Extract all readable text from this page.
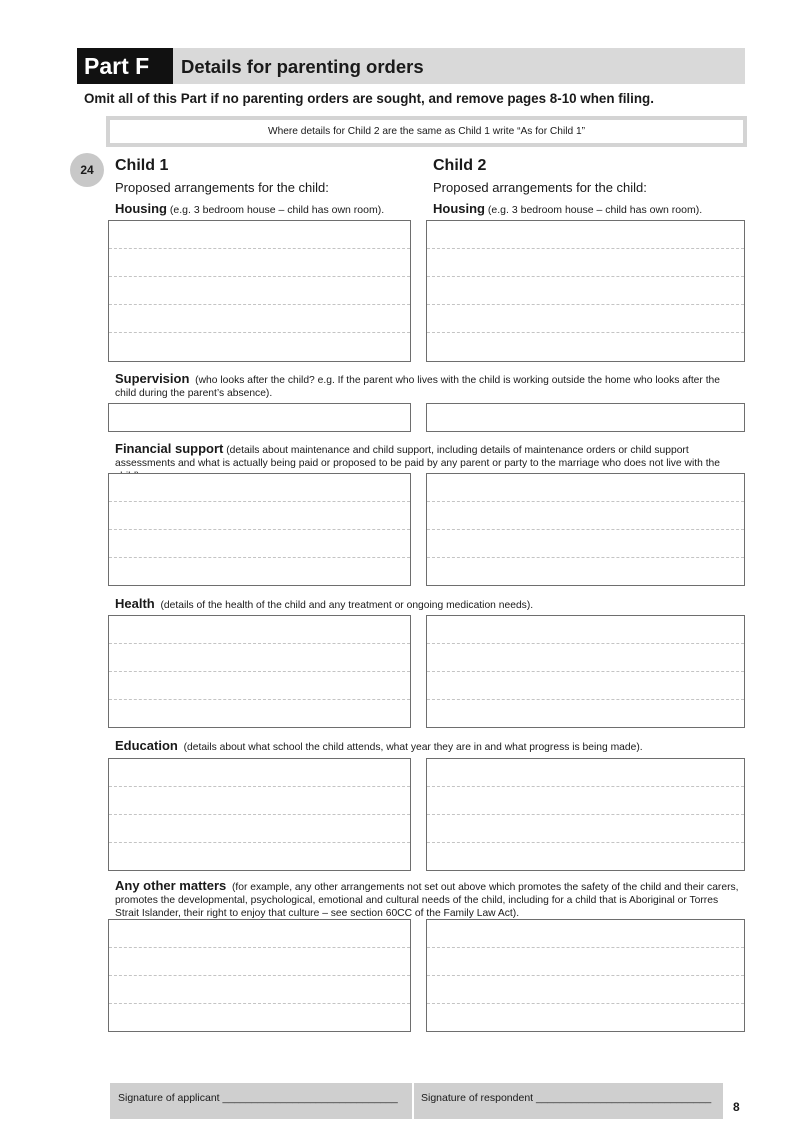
Part F	Details for parenting orders
Omit all of this Part if no parenting orders are sought, and remove pages 8-10 when filing.
Where details for Child 2 are the same as Child 1 write “As for Child 1”
24	Child 1	Child 2
Proposed arrangements for the child:	Proposed arrangements for the child:
Housing (e.g. 3 bedroom house – child has own room).	Housing (e.g. 3 bedroom house – child has own room).
Supervision (who looks after the child? e.g. If the parent who lives with the child is working outside the home who looks after the child during the parent’s absence).
Financial support (details about maintenance and child support, including details of maintenance orders or child support assessments and what is actually being paid or proposed to be paid by any parent or party to the marriage who does not live with the
Health (details of the health of the child and any treatment or ongoing medication needs).
Education (details about what school the child attends, what year they are in and what progress is being made).
Any other matters (for example, any other arrangements not set out above which promotes the safety of the child and their carers, promotes the developmental, psychological, emotional and cultural needs of the child, including for a child that is Aboriginal or Torres Strait Islander, their right to enjoy that culture – see section 60CC of the Family Law Act).
Signature of applicant ______________________________	Signature of respondent ______________________________
8
